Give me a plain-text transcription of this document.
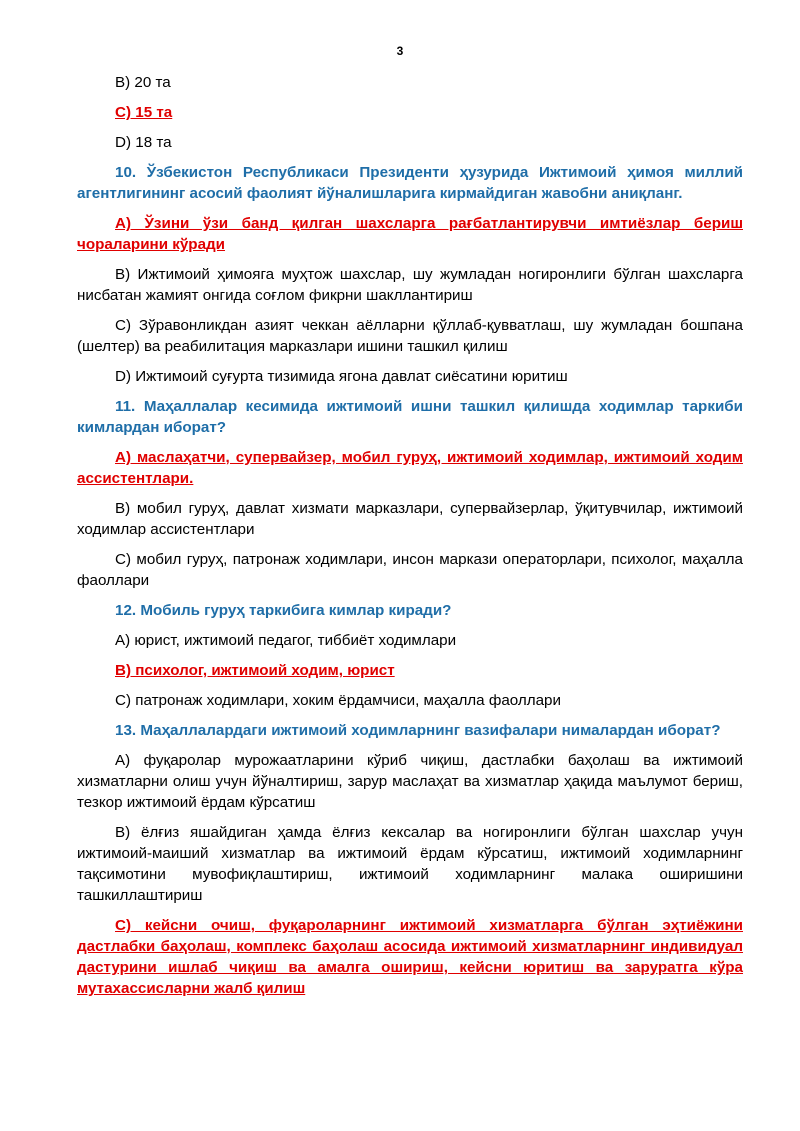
3

B) 20 та

C) 15 та

D) 18 та

10. Ўзбекистон Республикаси Президенти ҳузурида Ижтимоий ҳимоя миллий агентлигининг асосий фаолият йўналишларига кирмайдиган жавобни аниқланг.

A) Ўзини ўзи банд қилган шахсларга рағбатлантирувчи имтиёзлар бериш чораларини кўради

B) Ижтимоий ҳимояга муҳтож шахслар, шу жумладан ногиронлиги бўлган шахсларга нисбатан жамият онгида соғлом фикрни шакллантириш

C) Зўравонликдан азият чеккан аёлларни қўллаб-қувватлаш, шу жумладан бошпана (шелтер) ва реабилитация марказлари ишини ташкил қилиш

D) Ижтимоий суғурта тизимида ягона давлат сиёсатини юритиш

11. Маҳаллалар кесимида ижтимоий ишни ташкил қилишда ходимлар таркиби кимлардан иборат?

A) маслаҳатчи, супервайзер, мобил гуруҳ, ижтимоий ходимлар, ижтимоий ходим ассистентлари.

B) мобил гуруҳ, давлат хизмати марказлари, супервайзерлар, ўқитувчилар, ижтимоий ходимлар ассистентлари

C) мобил гуруҳ, патронаж ходимлари, инсон маркази операторлари, психолог, маҳалла фаоллари

12. Мобиль гуруҳ таркибига кимлар киради?

A) юрист, ижтимоий педагог, тиббиёт ходимлари

B) психолог, ижтимоий ходим, юрист

C) патронаж ходимлари, хоким ёрдамчиси, маҳалла фаоллари

13. Маҳаллалардаги ижтимоий ходимларнинг вазифалари нималардан иборат?

A) фуқаролар мурожаатларини кўриб чиқиш, дастлабки баҳолаш ва ижтимоий хизматларни олиш учун йўналтириш, зарур маслаҳат ва хизматлар ҳақида маълумот бериш, тезкор ижтимоий ёрдам кўрсатиш

B) ёлғиз яшайдиган ҳамда ёлғиз кексалар ва ногиронлиги бўлган шахслар учун ижтимоий-маиший хизматлар ва ижтимоий ёрдам кўрсатиш, ижтимоий ходимларнинг тақсимотини мувофиқлаштириш, ижтимоий ходимларнинг малака оширишини ташкиллаштириш

C) кейсни очиш, фуқароларнинг ижтимоий хизматларга бўлган эҳтиёжини дастлабки баҳолаш, комплекс баҳолаш асосида ижтимоий хизматларнинг индивидуал дастурини ишлаб чиқиш ва амалга ошириш, кейсни юритиш ва заруратга кўра мутахассисларни жалб қилиш
